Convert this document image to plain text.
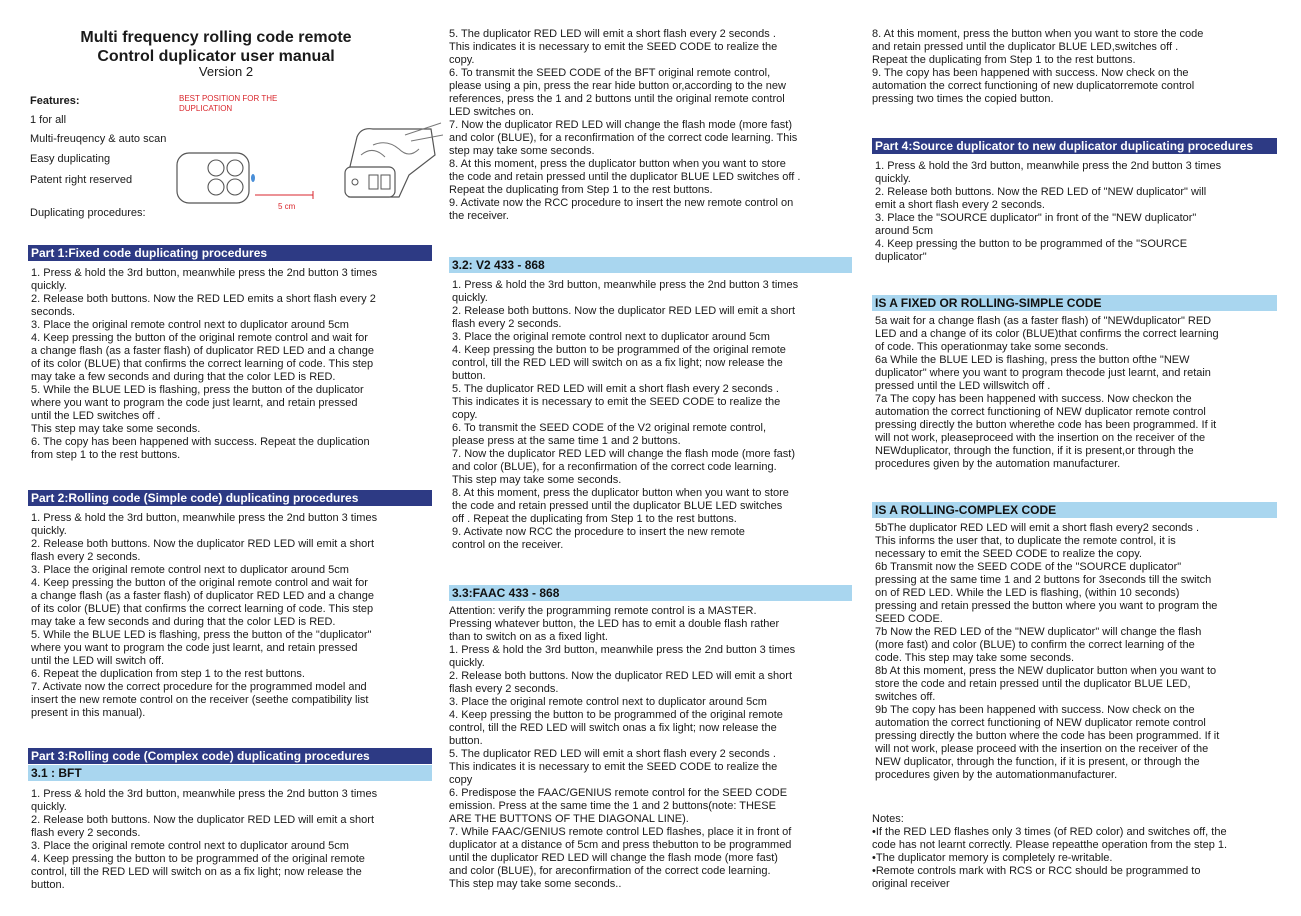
Multi frequency rolling code remote
Control duplicator user manual
Version 2
Features:
1 for all
Multi-freuqency & auto scan
Easy duplicating
Patent right reserved
Duplicating procedures:
BEST POSITION FOR THE
DUPLICATION
5 cm
Part 1:Fixed code duplicating procedures
1. Press & hold the 3rd button, meanwhile press the 2nd button 3 times
quickly.
2. Release both buttons. Now the RED LED emits a short flash every 2
seconds.
3. Place the original remote control next to duplicator around 5cm
4. Keep pressing the button of the original remote control and wait for
a change flash (as a faster flash) of duplicator RED LED and a change
of its color (BLUE) that confirms the correct learning of code. This step
may take a few seconds and during that the color LED is RED.
5. While the BLUE LED is flashing, press the button of the duplicator
where you want to program the code just learnt, and retain pressed
until the LED switches off .
This step may take some seconds.
6. The copy has been happened with success. Repeat the duplication
from step 1 to the rest buttons.
Part 2:Rolling code (Simple code) duplicating procedures
1. Press & hold the 3rd button, meanwhile press the 2nd button 3 times
quickly.
2. Release both buttons. Now the duplicator RED LED will emit a short
flash every 2 seconds.
3. Place the original remote control next to duplicator around 5cm
4. Keep pressing the button of the original remote control and wait for
a change flash (as a faster flash) of duplicator RED LED and a change
of its color (BLUE) that confirms the correct learning of code. This step
may take a few seconds and during that the color LED is RED.
5. While the BLUE LED is flashing, press the button of the "duplicator"
where you want to program the code just learnt, and retain pressed
until the LED will switch off.
6. Repeat the duplication from step 1 to the rest buttons.
7. Activate now the correct procedure for the programmed model and
insert the new remote control on the receiver (seethe compatibility list
present in this manual).
Part 3:Rolling code (Complex code) duplicating procedures
3.1 : BFT
1. Press & hold the 3rd button, meanwhile press the 2nd button 3 times
quickly.
2. Release both buttons. Now the duplicator RED LED will emit a short
flash every 2 seconds.
3. Place the original remote control next to duplicator around 5cm
4. Keep pressing the button to be programmed of the original remote
control, till the RED LED will switch on as a fix light; now release the
button.
5. The duplicator RED LED will emit a short flash every 2 seconds .
This indicates it is necessary to emit the SEED CODE to realize the
copy.
6. To transmit the SEED CODE of the BFT original remote control,
please using a pin, press the rear hide button or,according to the new
references, press the 1 and 2 buttons until the original remote control
LED switches on.
7. Now the duplicator RED LED will change the flash mode (more fast)
and color (BLUE), for a reconfirmation of the correct code learning. This
step may take some seconds.
8. At this moment, press the duplicator button when you want to store
the code and retain pressed until the duplicator BLUE LED switches off .
Repeat the duplicating from Step 1 to the rest buttons.
9. Activate now the RCC procedure to insert the new remote control on
the receiver.
3.2: V2 433 - 868
1. Press & hold the 3rd button, meanwhile press the 2nd button 3 times
quickly.
2. Release both buttons. Now the duplicator RED LED will emit a short
flash every 2 seconds.
3. Place the original remote control next to duplicator around 5cm
4. Keep pressing the button to be programmed of the original remote
control, till the RED LED will switch on as a fix light; now release the
button.
5. The duplicator RED LED will emit a short flash every 2 seconds .
This indicates it is necessary to emit the SEED CODE to realize the
copy.
6. To transmit the SEED CODE of the V2 original remote control,
please press at the same time 1 and 2 buttons.
7. Now the duplicator RED LED will change the flash mode (more fast)
and color (BLUE), for a reconfirmation of the correct code learning.
This step may take some seconds.
8. At this moment, press the duplicator button when you want to store
the code and retain pressed until the duplicator BLUE LED switches
off . Repeat the duplicating from Step 1 to the rest buttons.
9. Activate now RCC the procedure to insert the new remote
control on the receiver.
3.3:FAAC 433 - 868
Attention: verify the programming remote control is a MASTER.
Pressing whatever button, the LED has to emit a double flash rather
than to switch on as a fixed light.
1. Press & hold the 3rd button, meanwhile press the 2nd button 3 times
quickly.
2. Release both buttons. Now the duplicator RED LED will emit a short
flash every 2 seconds.
3. Place the original remote control next to duplicator around 5cm
4. Keep pressing the button to be programmed of the original remote
control, till the RED LED will switch onas a fix light; now release the
button.
5. The duplicator RED LED will emit a short flash every 2 seconds .
This indicates it is necessary to emit the SEED CODE to realize the
copy
6. Predispose the FAAC/GENIUS remote control for the SEED CODE
emission. Press at the same time the 1 and 2 buttons(note: THESE
ARE THE BUTTONS OF THE DIAGONAL LINE).
7. While FAAC/GENIUS remote control LED flashes, place it in front of
duplicator at a distance of 5cm and press thebutton to be programmed
until the duplicator RED LED will change the flash mode (more fast)
and color (BLUE), for areconfirmation of the correct code learning.
This step may take some seconds..
8. At this moment, press the button when you want to store the code
and retain pressed until the duplicator BLUE LED,switches off .
Repeat the duplicating from Step 1 to the rest buttons.
9. The copy has been happened with success. Now check on the
automation the correct functioning of new duplicatorremote control
pressing two times the copied button.
Part 4:Source duplicator to new duplicator duplicating procedures
1. Press & hold the 3rd button, meanwhile press the 2nd button 3 times
quickly.
2. Release both buttons. Now the RED LED of "NEW duplicator" will
emit a short flash every 2 seconds.
3. Place the "SOURCE duplicator" in front of the "NEW duplicator"
around 5cm
4. Keep pressing the button to be programmed of the "SOURCE
duplicator"
IS A FIXED OR ROLLING-SIMPLE CODE
5a wait for a change flash (as a faster flash) of "NEWduplicator" RED
LED and a change of its color (BLUE)that confirms the correct learning
of code. This operationmay take some seconds.
6a While the BLUE LED is flashing, press the button ofthe "NEW
duplicator" where you want to program thecode just learnt, and retain
pressed until the LED willswitch off .
7a The copy has been happened with success. Now checkon the
automation the correct functioning of NEW duplicator remote control
pressing directly the button wherethe code has been programmed. If it
will not work, pleaseproceed with the insertion on the receiver of the
NEWduplicator, through the function, if it is present,or through the
procedures given by the automation manufacturer.
IS A ROLLING-COMPLEX CODE
5bThe duplicator RED LED will emit a short flash every2 seconds .
This informs the user that, to duplicate the remote control, it is
necessary to emit the SEED CODE to realize the copy.
6b Transmit now the SEED CODE of the "SOURCE duplicator"
pressing at the same time 1 and 2 buttons for 3seconds till the switch
on of RED LED. While the LED is flashing, (within 10 seconds)
pressing and retain pressed the button where you want to program the
SEED CODE.
7b Now the RED LED of the "NEW duplicator" will change the flash
(more fast) and color (BLUE) to confirm the correct learning of the
code. This step may take some seconds.
8b At this moment, press the NEW duplicator button when you want to
store the code and retain pressed until the duplicator BLUE LED,
switches off.
9b The copy has been happened with success. Now check on the
automation the correct functioning of NEW duplicator remote control
pressing directly the button where the code has been programmed. If it
will not work, please proceed with the insertion on the receiver of the
NEW duplicator, through the function, if it is present, or through the
procedures given by the automationmanufacturer.
Notes:
•If the RED LED flashes only 3 times (of RED color) and switches off, the
code has not learnt correctly. Please repeatthe operation from the step 1.
•The duplicator memory is completely re-writable.
•Remote controls mark with RCS or RCC should be programmed to
original receiver
